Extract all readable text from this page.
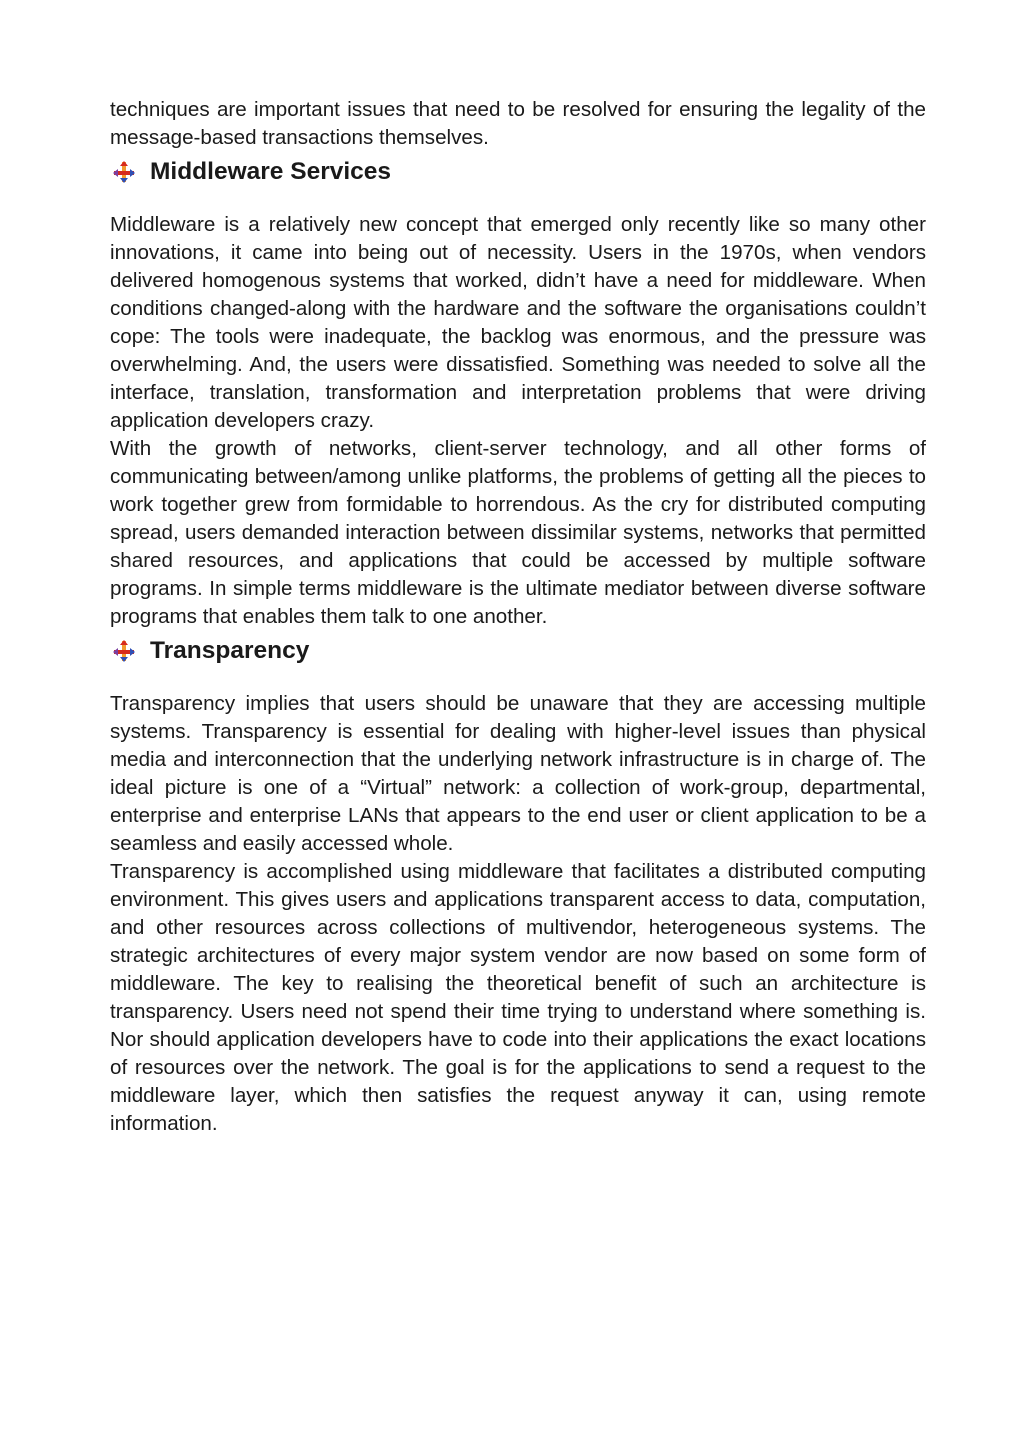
techniques are important issues that need to be resolved for ensuring the legality of the message-based transactions themselves.

Middleware Services

Middleware is a relatively new concept that emerged only recently like so many other innovations, it came into being out of necessity. Users in the 1970s, when vendors delivered homogenous systems that worked, didn’t have a need for middleware. When conditions changed-along with the hardware and the software the organisations couldn’t cope: The tools were inadequate, the backlog was enormous, and the pressure was overwhelming. And, the users were dissatisfied. Something was needed to solve all the interface, translation, transformation and interpretation problems that were driving application developers crazy.

With the growth of networks, client-server technology, and all other forms of communicating between/among unlike platforms, the problems of getting all the pieces to work together grew from formidable to horrendous. As the cry for distributed computing spread, users demanded interaction between dissimilar systems, networks that permitted shared resources, and applications that could be accessed by multiple software programs. In simple terms middleware is the ultimate mediator between diverse software programs that enables them talk to one another.

Transparency

Transparency implies that users should be unaware that they are accessing multiple systems. Transparency is essential for dealing with higher-level issues than physical media and interconnection that the underlying network infrastructure is in charge of. The ideal picture is one of a “Virtual” network: a collection of work-group, departmental, enterprise and enterprise LANs that appears to the end user or client application to be a seamless and easily accessed whole.

Transparency is accomplished using middleware that facilitates a distributed computing environment. This gives users and applications transparent access to data, computation, and other resources across collections of multivendor, heterogeneous systems. The strategic architectures of every major system vendor are now based on some form of middleware. The key to realising the theoretical benefit of such an architecture is transparency. Users need not spend their time trying to understand where something is. Nor should application developers have to code into their applications the exact locations of resources over the network. The goal is for the applications to send a request to the middleware layer, which then satisfies the request anyway it can, using remote information.
